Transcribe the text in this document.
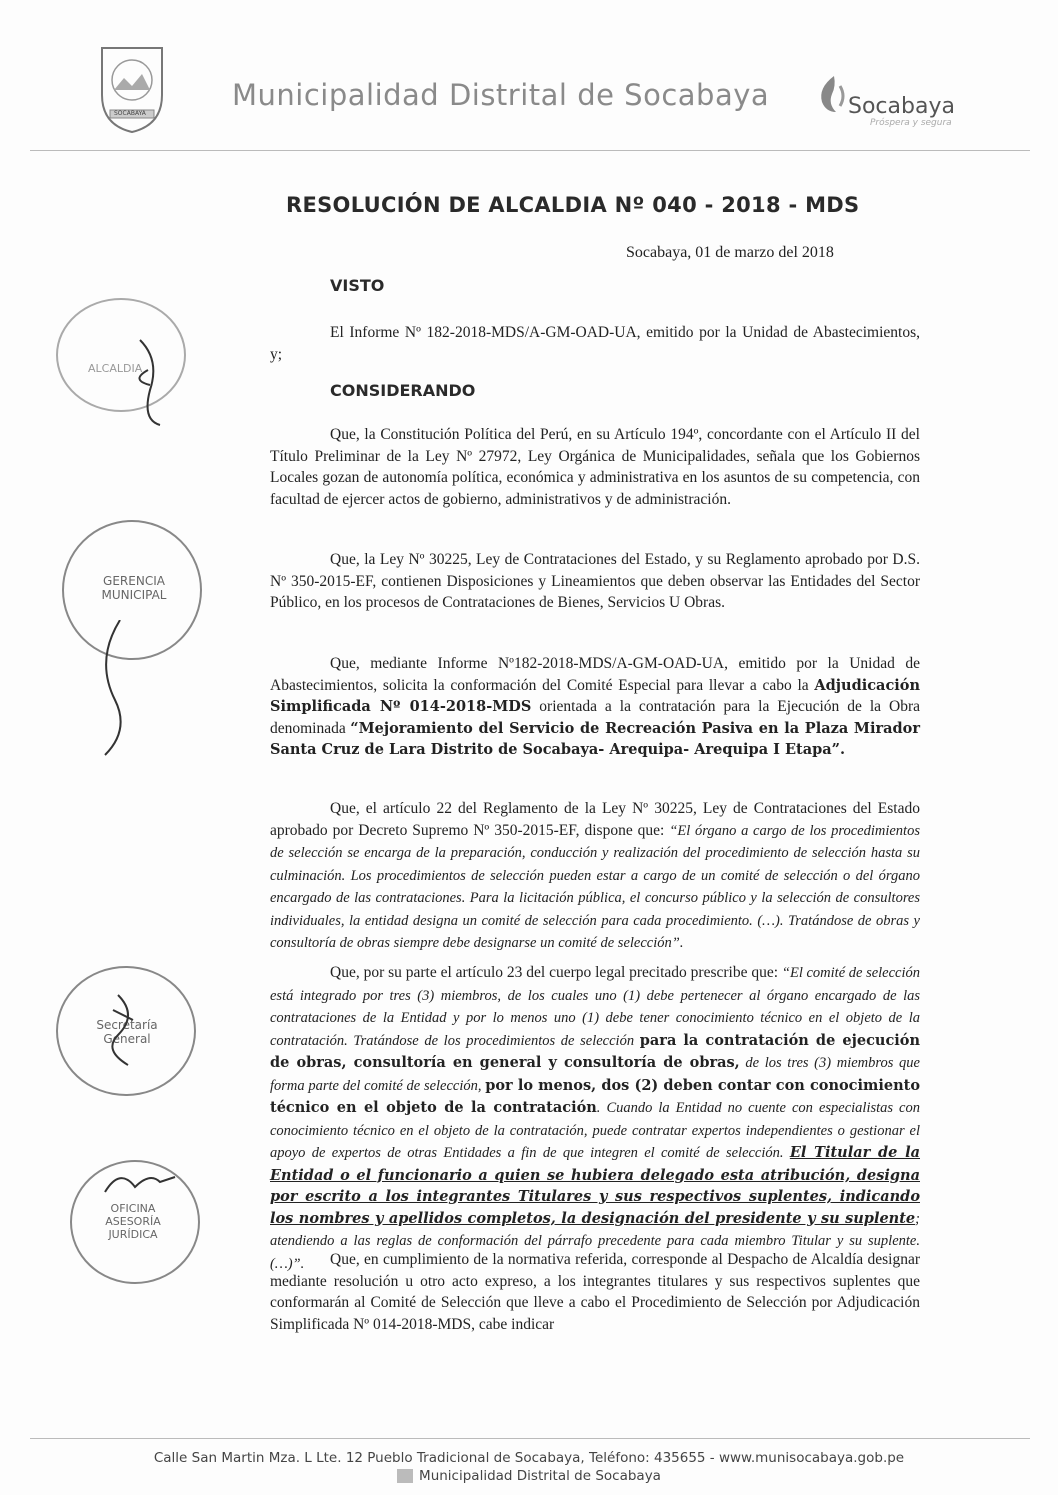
SOCABAYA
Municipalidad Distrital de Socabaya	Socabaya
Próspera y segura
RESOLUCIÓN DE ALCALDIA Nº 040 - 2018 - MDS
Socabaya, 01 de marzo del 2018
VISTO

El Informe Nº 182-2018-MDS/A-GM-OAD-UA, emitido por la Unidad de Abastecimientos, y;

CONSIDERANDO

Que, la Constitución Política del Perú, en su Artículo 194º, concordante con el Artículo II del Título Preliminar de la Ley Nº 27972, Ley Orgánica de Municipalidades, señala que los Gobiernos Locales gozan de autonomía política, económica y administrativa en los asuntos de su competencia, con facultad de ejercer actos de gobierno, administrativos y de administración.

Que, la Ley Nº 30225, Ley de Contrataciones del Estado, y su Reglamento aprobado por D.S. Nº 350-2015-EF, contienen Disposiciones y Lineamientos que deben observar las Entidades del Sector Público, en los procesos de Contrataciones de Bienes, Servicios U Obras.

Que, mediante Informe Nº182-2018-MDS/A-GM-OAD-UA, emitido por la Unidad de Abastecimientos, solicita la conformación del Comité Especial para llevar a cabo la Adjudicación Simplificada Nº 014-2018-MDS orientada a la contratación para la Ejecución de la Obra denominada “Mejoramiento del Servicio de Recreación Pasiva en la Plaza Mirador Santa Cruz de Lara Distrito de Socabaya- Arequipa- Arequipa I Etapa”.

Que, el artículo 22 del Reglamento de la Ley Nº 30225, Ley de Contrataciones del Estado aprobado por Decreto Supremo Nº 350-2015-EF, dispone que: “El órgano a cargo de los procedimientos de selección se encarga de la preparación, conducción y realización del procedimiento de selección hasta su culminación. Los procedimientos de selección pueden estar a cargo de un comité de selección o del órgano encargado de las contrataciones. Para la licitación pública, el concurso público y la selección de consultores individuales, la entidad designa un comité de selección para cada procedimiento. (…). Tratándose de obras y consultoría de obras siempre debe designarse un comité de selección”.

Que, por su parte el artículo 23 del cuerpo legal precitado prescribe que: “El comité de selección está integrado por tres (3) miembros, de los cuales uno (1) debe pertenecer al órgano encargado de las contrataciones de la Entidad y por lo menos uno (1) debe tener conocimiento técnico en el objeto de la contratación. Tratándose de los procedimientos de selección para la contratación de ejecución de obras, consultoría en general y consultoría de obras, de los tres (3) miembros que forma parte del comité de selección, por lo menos, dos (2) deben contar con conocimiento técnico en el objeto de la contratación. Cuando la Entidad no cuente con especialistas con conocimiento técnico en el objeto de la contratación, puede contratar expertos independientes o gestionar el apoyo de expertos de otras Entidades a fin de que integren el comité de selección. El Titular de la Entidad o el funcionario a quien se hubiera delegado esta atribución, designa por escrito a los integrantes Titulares y sus respectivos suplentes, indicando los nombres y apellidos completos, la designación del presidente y su suplente; atendiendo a las reglas de conformación del párrafo precedente para cada miembro Titular y su suplente. (…)”.	Que, en cumplimiento de la normativa referida, corresponde al Despacho de Alcaldía designar mediante resolución u otro acto expreso, a los integrantes titulares y sus respectivos suplentes que conformarán al Comité de Selección que lleve a cabo el Procedimiento de Selección por Adjudicación Simplificada Nº 014-2018-MDS, cabe indicar

ALCALDIA
GERENCIA MUNICIPAL
Secretaría General
OFICINA ASESORÍA JURÍDICA
Calle San Martin Mza. L Lte. 12 Pueblo Tradicional de Socabaya, Teléfono: 435655 - www.munisocabaya.gob.pe
Municipalidad Distrital de Socabaya
